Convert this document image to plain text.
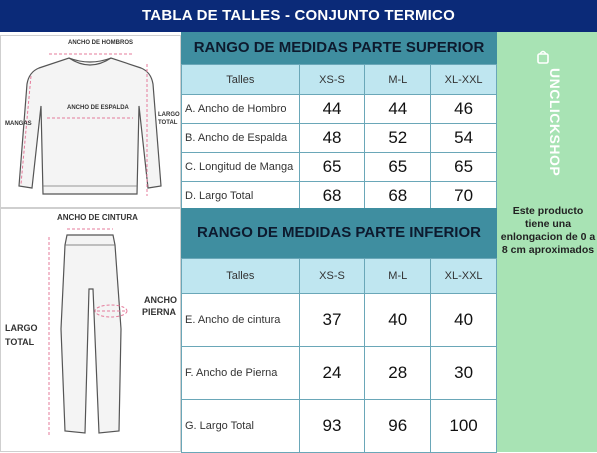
TABLA DE TALLES - CONJUNTO TERMICO
ANCHO DE HOMBROS
ANCHO DE ESPALDA
MANGAS
LARGO
TOTAL
ANCHO DE CINTURA
ANCHO
PIERNA
LARGO
TOTAL
RANGO DE MEDIDAS PARTE SUPERIOR
Talles	XS-S	M-L	XL-XXL
A. Ancho de Hombro	44	44	46
B. Ancho de Espalda	48	52	54
C. Longitud de Manga	65	65	65
D. Largo Total	68	68	70
RANGO DE MEDIDAS PARTE INFERIOR
Talles	XS-S	M-L	XL-XXL
E. Ancho de cintura	37	40	40
F. Ancho de Pierna	24	28	30
G. Largo Total	93	96	100
UNCLICKSHOP
Este producto tiene una enlongacion de 0 a 8 cm aproximados
